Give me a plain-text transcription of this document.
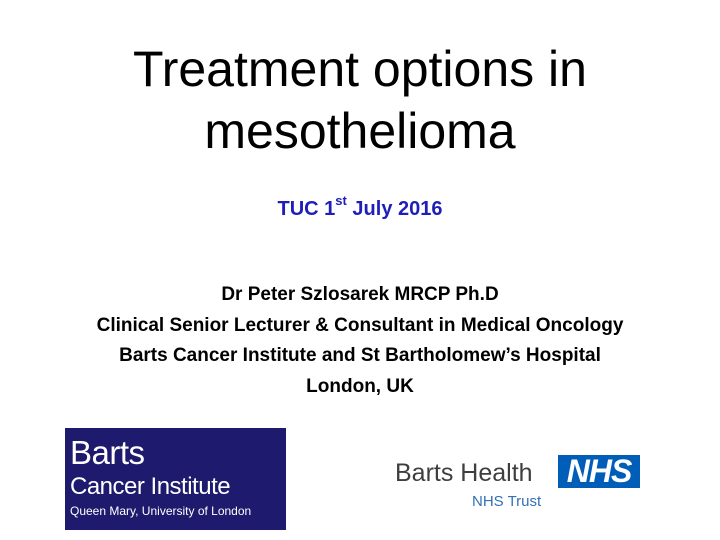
Treatment options in
mesothelioma
TUC 1st July 2016
Dr Peter Szlosarek MRCP Ph.D
Clinical Senior Lecturer & Consultant in Medical Oncology
Barts Cancer Institute and St Bartholomew’s Hospital
London, UK
Barts
Cancer Institute
Queen Mary, University of London
Barts Health NHS
NHS Trust
